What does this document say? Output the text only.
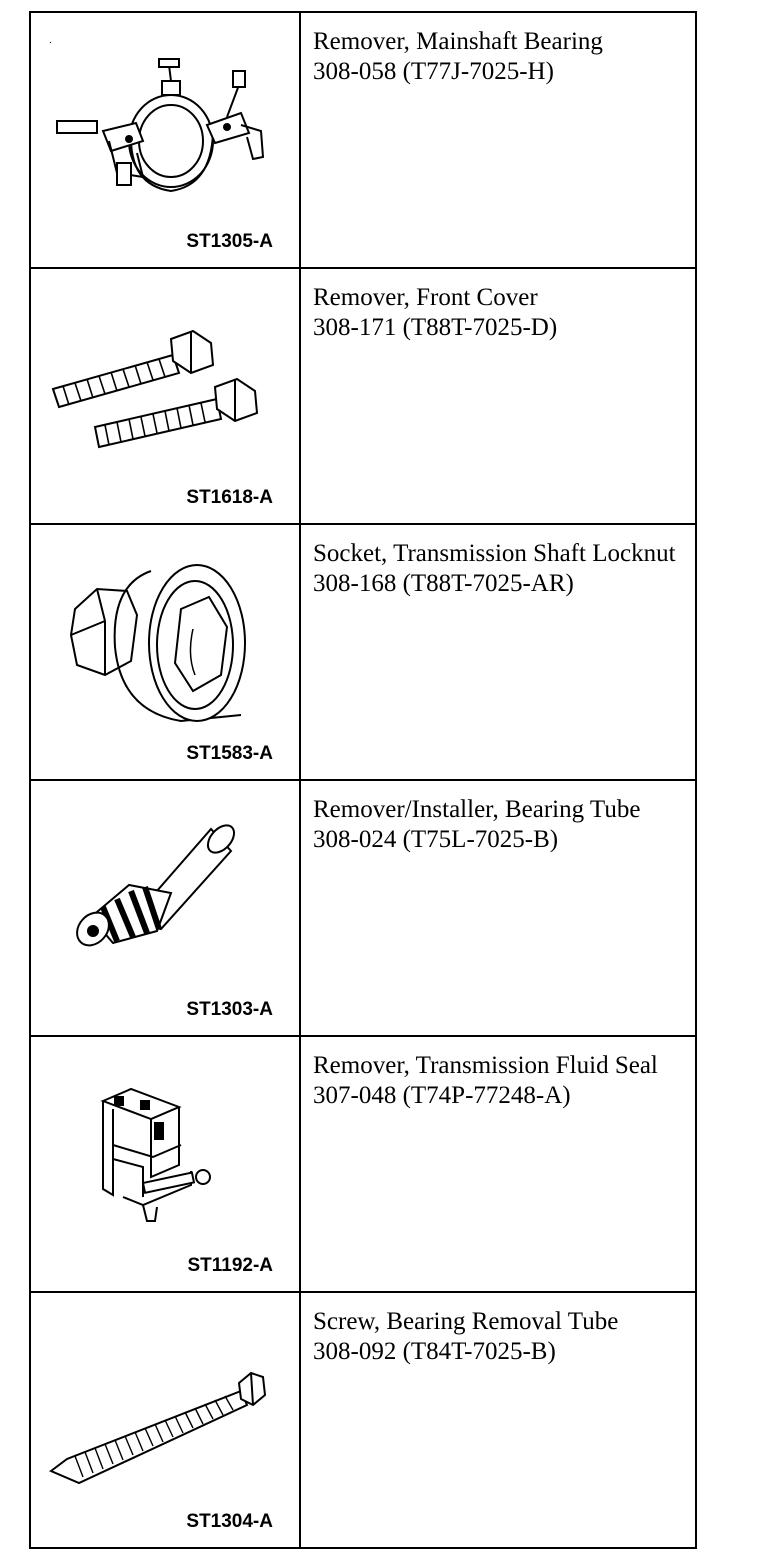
.
ST1305-A	Remover, Mainshaft Bearing
308-058 (T77J-7025-H)

ST1618-A	Remover, Front Cover
308-171 (T88T-7025-D)

ST1583-A	Socket, Transmission Shaft Locknut
308-168 (T88T-7025-AR)

ST1303-A	Remover/Installer, Bearing Tube
308-024 (T75L-7025-B)

ST1192-A	Remover, Transmission Fluid Seal
307-048 (T74P-77248-A)

ST1304-A	Screw, Bearing Removal Tube
308-092 (T84T-7025-B)
